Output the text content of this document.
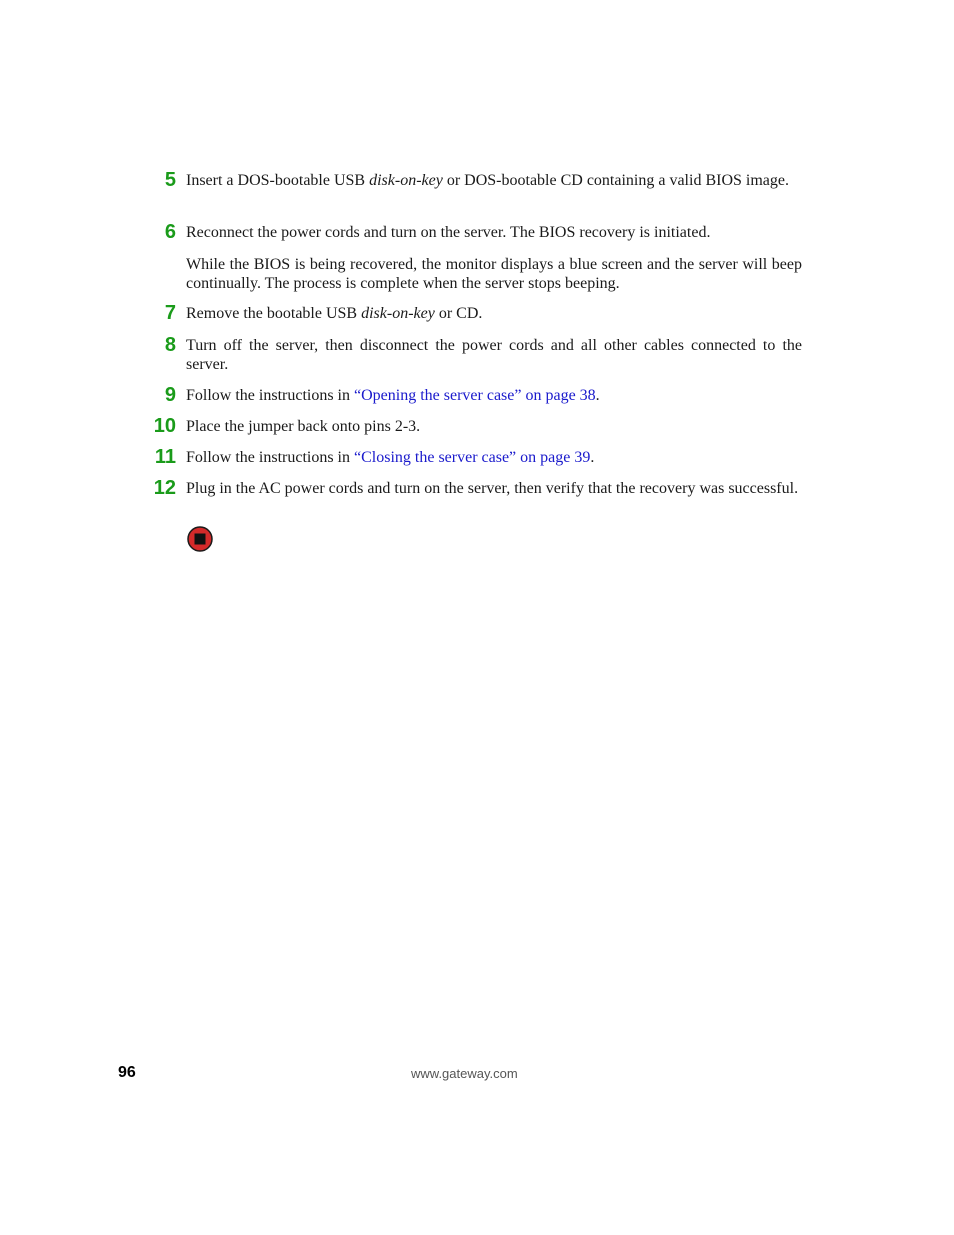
5 Insert a DOS-bootable USB disk-on-key or DOS-bootable CD containing a valid BIOS image.

6 Reconnect the power cords and turn on the server. The BIOS recovery is initiated.

While the BIOS is being recovered, the monitor displays a blue screen and the server will beep continually. The process is complete when the server stops beeping.

7 Remove the bootable USB disk-on-key or CD.

8 Turn off the server, then disconnect the power cords and all other cables connected to the server.

9 Follow the instructions in “Opening the server case” on page 38.

10 Place the jumper back onto pins 2-3.

11 Follow the instructions in “Closing the server case” on page 39.

12 Plug in the AC power cords and turn on the server, then verify that the recovery was successful.

96	www.gateway.com
